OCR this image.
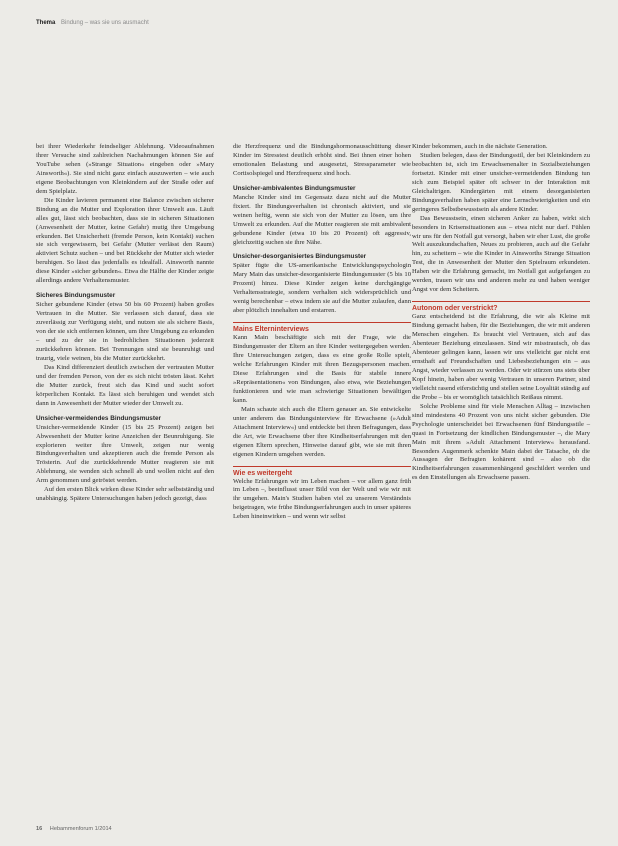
Thema Bindung – was sie uns ausmacht

bei ihrer Wiederkehr feindseliger Ablehnung. Videoaufnahmen ihrer Versuche sind zahlreichen Nachahmungen können Sie auf YouTube sehen (»Strange Situation« eingeben oder »Mary Ainsworth«). Sie sind nicht ganz einfach auszuwerten – wie auch eigene Beobachtungen von Kleinkindern auf der Straße oder auf dem Spielplatz.

Die Kinder lavieren permanent eine Balance zwischen sicherer Bindung an die Mutter und Exploration ihrer Umwelt aus. Läuft alles gut, lässt sich beobachten, dass sie in sicheren Situationen (Anwesenheit der Mutter, keine Gefahr) mutig ihre Umgebung erkunden. Bei Unsicherheit (fremde Person, kein Kontakt) suchen sie sich vergewissern, bei Gefahr (Mutter verlässt den Raum) aktiviert Schutz suchen – und bei Rückkehr der Mutter sich wieder beruhigen. So lässt das jedenfalls es idealfall. Ainsworth nannte diese Kinder »sicher gebunden«. Etwa die Hälfte der Kinder zeigte allerdings andere Verhaltensmuster.

Sicheres Bindungsmuster

Sicher gebundene Kinder (etwa 50 bis 60 Prozent) haben großes Vertrauen in die Mutter. Sie verlassen sich darauf, dass sie zuverlässig zur Verfügung steht, und nutzen sie als sichere Basis, von der sie sich entfernen können, um ihre Umgebung zu erkunden – und zu der sie in bedrohlichen Situationen jederzeit zurückkehren können. Bei Trennungen sind sie beunruhigt und traurig, viele weinen, bis die Mutter zurückkehrt.

Das Kind differenziert deutlich zwischen der vertrauten Mutter und der fremden Person, von der es sich nicht trösten lässt. Kehrt die Mutter zurück, freut sich das Kind und sucht sofort körperlichen Kontakt. Es lässt sich beruhigen und wendet sich dann in Anwesenheit der Mutter wieder der Umwelt zu.

Unsicher-vermeidendes Bindungsmuster

Unsicher-vermeidende Kinder (15 bis 25 Prozent) zeigen bei Abwesenheit der Mutter keine Anzeichen der Beunruhigung. Sie explorieren weiter ihre Umwelt, zeigen nur wenig Bindungsverhalten und akzeptieren auch die fremde Person als Trösterin. Auf die zurückkehrende Mutter reagieren sie mit Ablehnung, sie wenden sich schnell ab und wollen nicht auf den Arm genommen und getröstet werden.

Auf den ersten Blick wirken diese Kinder sehr selbstständig und unabhängig. Spätere Untersuchungen haben jedoch gezeigt, dass

die Herzfrequenz und die Bindungshormonausschüttung dieser Kinder im Stresstest deutlich erhöht sind. Bei ihnen einer hohen emotionalen Belastung und ausgesetzt, Stressparameter wie Cortisolspiegel und Herzfrequenz sind hoch.

Unsicher-ambivalentes Bindungsmuster

Manche Kinder sind im Gegensatz dazu nicht auf die Mutter fixiert. Ihr Bindungsverhalten ist chronisch aktiviert, und sie weinen heftig, wenn sie sich von der Mutter zu lösen, um ihre Umwelt zu erkunden. Auf die Mutter reagieren sie mit ambivalent gebundene Kinder (etwa 10 bis 20 Prozent) oft aggressiv, gleichzeitig suchen sie ihre Nähe.

Unsicher-desorganisiertes Bindungsmuster

Später fügte die US-amerikanische Entwicklungspsychologin Mary Main das unsicher-desorganisierte Bindungsmuster (5 bis 10 Prozent) hinzu. Diese Kinder zeigen keine durchgängige Verhaltensstrategie, sondern verhalten sich widersprüchlich und wenig berechenbar – etwa indem sie auf die Mutter zulaufen, dann aber plötzlich innehalten und erstarren.

Mains Elterninterviews

Kann Main beschäftigte sich mit der Frage, wie die Bindungsmuster der Eltern an ihre Kinder weitergegeben werden. Ihre Untersuchungen zeigen, dass es eine große Rolle spielt, welche Erfahrungen Kinder mit ihren Bezugspersonen machen. Diese Erfahrungen sind die Basis für stabile innere »Repräsentationen« von Bindungen, also etwa, wie Beziehungen funktionieren und wie man schwierige Situationen bewältigen kann.

Main schaute sich auch die Eltern genauer an. Sie entwickelte unter anderem das Bindungsinterview für Erwachsene (»Adult Attachment Interview«) und entdeckte bei ihren Befragungen, dass die Art, wie Erwachsene über ihre Kindheitserfahrungen mit den eigenen Eltern sprechen, Hinweise darauf gibt, wie sie mit ihren eigenen Kindern umgehen werden.

Wie es weitergeht

Welche Erfahrungen wir im Leben machen – vor allem ganz früh im Leben –, beeinflusst unser Bild von der Welt und wie wir mit ihr umgehen. Main's Studien haben viel zu unserem Verständnis beigetragen, wie frühe Bindungserfahrungen auch in unser späteres Leben hineinwirken – und wenn wir selbst

Kinder bekommen, auch in die nächste Generation.

Studien belegen, dass der Bindungsstil, der bei Kleinkindern zu beobachten ist, sich im Erwachsenenalter in Sozialbeziehungen fortsetzt. Kinder mit einer unsicher-vermeidenden Bindung tun sich zum Beispiel später oft schwer in der Interaktion mit Gleichaltrigen. Kindergärten mit einem desorganisierten Bindungsverhalten haben später eine Lernschwierigkeiten und ein geringeres Selbstbewusstsein als andere Kinder.

Das Bewusstsein, einen sicheren Anker zu haben, wirkt sich besonders in Krisensituationen aus – etwa nicht nur darf. Fühlen wir uns für den Notfall gut versorgt, haben wir eher Lust, die große Welt auszukundschaften, Neues zu probieren, auch auf die Gefahr hin, zu scheitern – wie die Kinder in Ainsworths Strange Situation Test, die in Anwesenheit der Mutter den Spielraum erkundeten. Haben wir die Erfahrung gemacht, im Notfall gut aufgefangen zu werden, trauen wir uns und anderen mehr zu und haben weniger Angst vor dem Scheitern.

Autonom oder verstrickt?

Ganz entscheidend ist die Erfahrung, die wir als Kleine mit Bindung gemacht haben, für die Beziehungen, die wir mit anderen Menschen eingehen. Es braucht viel Vertrauen, sich auf das Abenteuer Beziehung einzulassen. Sind wir misstrauisch, ob das Abenteuer gelingen kann, lassen wir uns vielleicht gar nicht erst ernsthaft auf Freundschaften und Liebesbeziehungen ein – aus Angst, wieder verlassen zu werden. Oder wir stürzen uns stets über Kopf hinein, haben aber wenig Vertrauen in unseren Partner, sind vielleicht rasend eifersüchtig und stellen seine Loyalität ständig auf die Probe – bis er womöglich tatsächlich Reißaus nimmt.

Solche Probleme sind für viele Menschen Alltag – inzwischen sind mindestens 40 Prozent von uns nicht sicher gebunden. Die Psychologie unterscheidet bei Erwachsenen fünf Bindungsstile – quasi in Fortsetzung der kindlichen Bindungsmuster –, die Mary Main mit ihrem »Adult Attachment Interview« herausfand. Besonders Augenmerk schenkte Main dabei der Tatsache, ob die Aussagen der Befragten kohärent sind – also ob die Kindheitserfahrungen zusammenhängend geschildert werden und es den Einstellungen als Erwachsene passen.

16 Hebammenforum 1/2014
